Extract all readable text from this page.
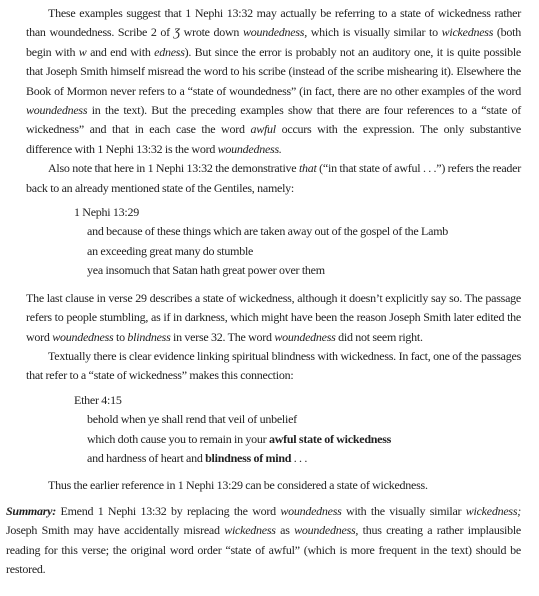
These examples suggest that 1 Nephi 13:32 may actually be referring to a state of wickedness rather than woundedness. Scribe 2 of Ʒ wrote down woundedness, which is visually similar to wickedness (both begin with w and end with edness). But since the error is probably not an auditory one, it is quite possible that Joseph Smith himself misread the word to his scribe (instead of the scribe mishearing it). Elsewhere the Book of Mormon never refers to a “state of woundedness” (in fact, there are no other examples of the word woundedness in the text). But the preceding examples show that there are four references to a “state of wickedness” and that in each case the word awful occurs with the expression. The only substantive difference with 1 Nephi 13:32 is the word woundedness.

Also note that here in 1 Nephi 13:32 the demonstrative that (“in that state of awful . . .”) refers the reader back to an already mentioned state of the Gentiles, namely:

1 Nephi 13:29

and because of these things which are taken away out of the gospel of the Lamb

an exceeding great many do stumble

yea insomuch that Satan hath great power over them

The last clause in verse 29 describes a state of wickedness, although it doesn’t explicitly say so. The passage refers to people stumbling, as if in darkness, which might have been the reason Joseph Smith later edited the word woundedness to blindness in verse 32. The word woundedness did not seem right.

Textually there is clear evidence linking spiritual blindness with wickedness. In fact, one of the passages that refer to a “state of wickedness” makes this connection:

Ether 4:15

behold when ye shall rend that veil of unbelief

which doth cause you to remain in your awful state of wickedness

and hardness of heart and blindness of mind . . .

Thus the earlier reference in 1 Nephi 13:29 can be considered a state of wickedness.

Summary: Emend 1 Nephi 13:32 by replacing the word woundedness with the visually similar wickedness; Joseph Smith may have accidentally misread wickedness as woundedness, thus creating a rather implausible reading for this verse; the original word order “state of awful” (which is more frequent in the text) should be restored.
